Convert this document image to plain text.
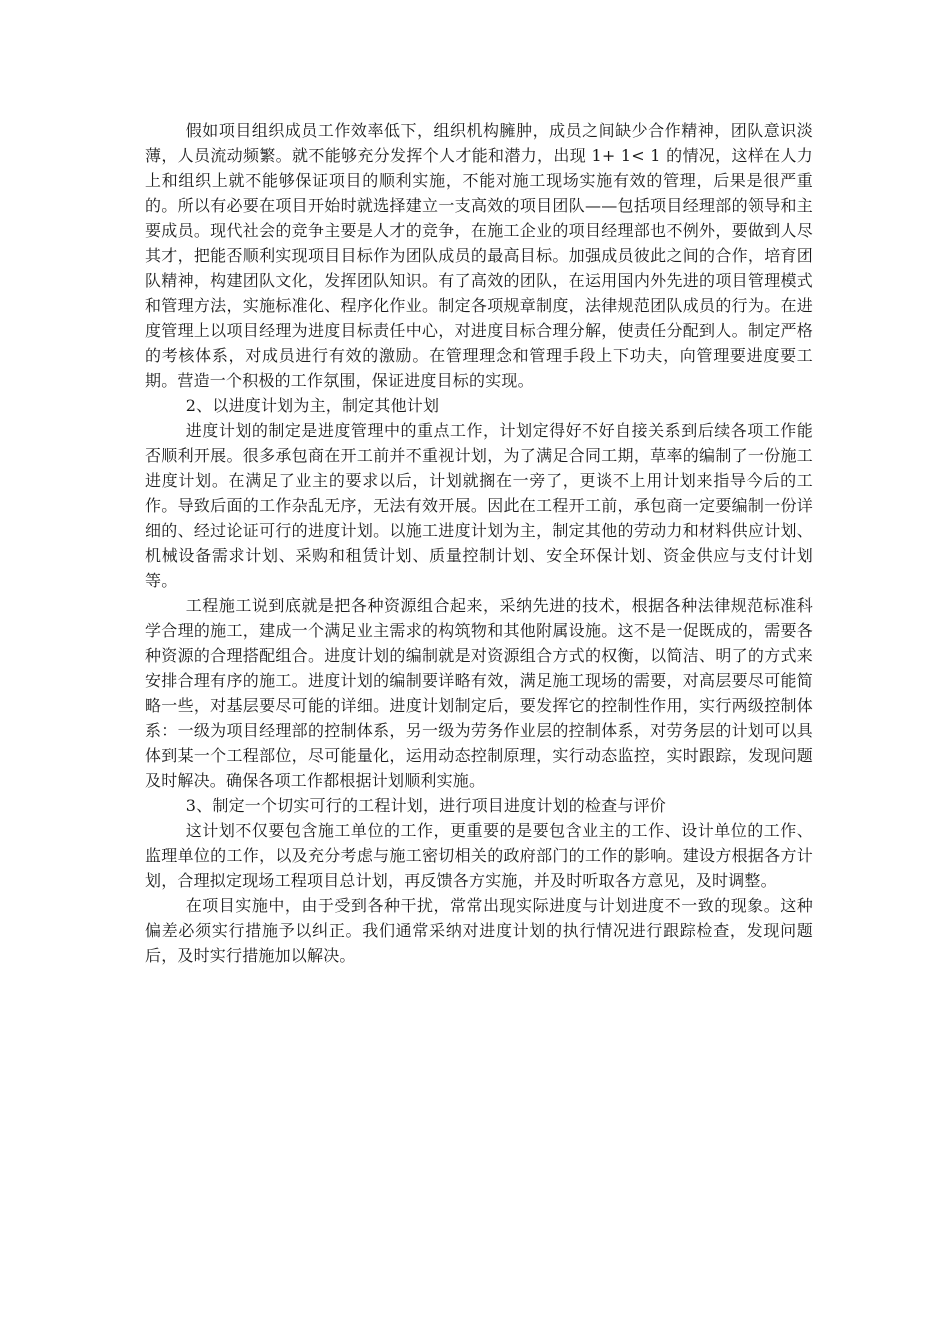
假如项目组织成员工作效率低下，组织机构臃肿，成员之间缺少合作精神，团队意识淡薄，人员流动频繁。就不能够充分发挥个人才能和潜力，出现 1+ 1< 1 的情况，这样在人力上和组织上就不能够保证项目的顺利实施，不能对施工现场实施有效的管理，后果是很严重的。所以有必要在项目开始时就选择建立一支高效的项目团队——包括项目经理部的领导和主要成员。现代社会的竞争主要是人才的竞争，在施工企业的项目经理部也不例外，要做到人尽其才，把能否顺利实现项目目标作为团队成员的最高目标。加强成员彼此之间的合作，培育团队精神，构建团队文化，发挥团队知识。有了高效的团队，在运用国内外先进的项目管理模式和管理方法，实施标准化、程序化作业。制定各项规章制度，法律规范团队成员的行为。在进度管理上以项目经理为进度目标责任中心，对进度目标合理分解，使责任分配到人。制定严格的考核体系，对成员进行有效的激励。在管理理念和管理手段上下功夫，向管理要进度要工期。营造一个积极的工作氛围，保证进度目标的实现。

2、以进度计划为主，制定其他计划

进度计划的制定是进度管理中的重点工作，计划定得好不好自接关系到后续各项工作能否顺利开展。很多承包商在开工前并不重视计划，为了满足合同工期，草率的编制了一份施工进度计划。在满足了业主的要求以后，计划就搁在一旁了，更谈不上用计划来指导今后的工作。导致后面的工作杂乱无序，无法有效开展。因此在工程开工前，承包商一定要编制一份详细的、经过论证可行的进度计划。以施工进度计划为主，制定其他的劳动力和材料供应计划、机械设备需求计划、采购和租赁计划、质量控制计划、安全环保计划、资金供应与支付计划等。

工程施工说到底就是把各种资源组合起来，采纳先进的技术，根据各种法律规范标准科学合理的施工，建成一个满足业主需求的构筑物和其他附属设施。这不是一促既成的，需要各种资源的合理搭配组合。进度计划的编制就是对资源组合方式的权衡，以简洁、明了的方式来安排合理有序的施工。进度计划的编制要详略有效，满足施工现场的需要，对高层要尽可能简略一些，对基层要尽可能的详细。进度计划制定后，要发挥它的控制性作用，实行两级控制体系：一级为项目经理部的控制体系，另一级为劳务作业层的控制体系，对劳务层的计划可以具体到某一个工程部位，尽可能量化，运用动态控制原理，实行动态监控，实时跟踪，发现问题及时解决。确保各项工作都根据计划顺利实施。

3、制定一个切实可行的工程计划，进行项目进度计划的检查与评价

这计划不仅要包含施工单位的工作，更重要的是要包含业主的工作、设计单位的工作、监理单位的工作，以及充分考虑与施工密切相关的政府部门的工作的影响。建设方根据各方计划，合理拟定现场工程项目总计划，再反馈各方实施，并及时听取各方意见，及时调整。

在项目实施中，由于受到各种干扰，常常出现实际进度与计划进度不一致的现象。这种偏差必须实行措施予以纠正。我们通常采纳对进度计划的执行情况进行跟踪检查，发现问题后，及时实行措施加以解决。
